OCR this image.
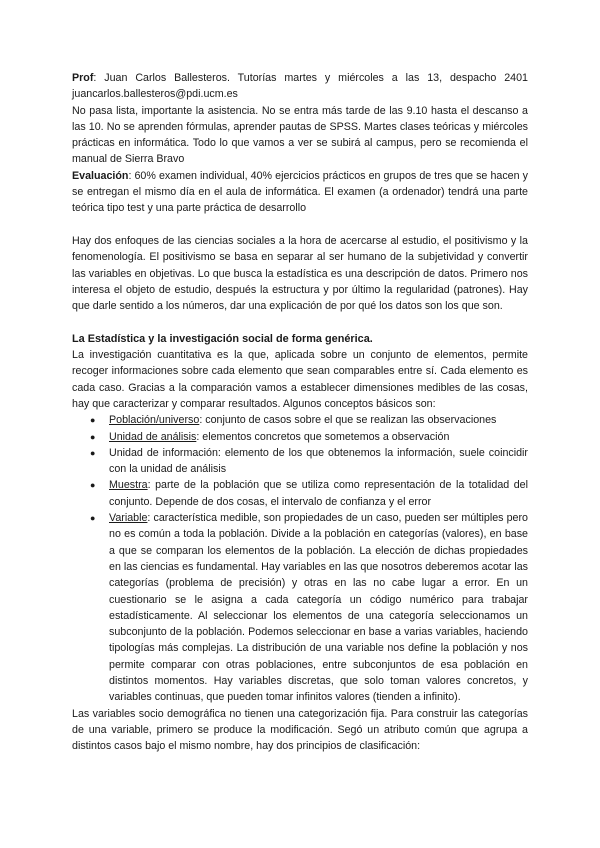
Prof: Juan Carlos Ballesteros. Tutorías martes y miércoles a las 13, despacho 2401 juancarlos.ballesteros@pdi.ucm.es

No pasa lista, importante la asistencia. No se entra más tarde de las 9.10 hasta el descanso a las 10. No se aprenden fórmulas, aprender pautas de SPSS. Martes clases teóricas y miércoles prácticas en informática. Todo lo que vamos a ver se subirá al campus, pero se recomienda el manual de Sierra Bravo

Evaluación: 60% examen individual, 40% ejercicios prácticos en grupos de tres que se hacen y se entregan el mismo día en el aula de informática. El examen (a ordenador) tendrá una parte teórica tipo test y una parte práctica de desarrollo

Hay dos enfoques de las ciencias sociales a la hora de acercarse al estudio, el positivismo y la fenomenología. El positivismo se basa en separar al ser humano de la subjetividad y convertir las variables en objetivas. Lo que busca la estadística es una descripción de datos. Primero nos interesa el objeto de estudio, después la estructura y por último la regularidad (patrones). Hay que darle sentido a los números, dar una explicación de por qué los datos son los que son.

La Estadística y la investigación social de forma genérica.

La investigación cuantitativa es la que, aplicada sobre un conjunto de elementos, permite recoger informaciones sobre cada elemento que sean comparables entre sí. Cada elemento es cada caso. Gracias a la comparación vamos a establecer dimensiones medibles de las cosas, hay que caracterizar y comparar resultados. Algunos conceptos básicos son:

● Población/universo: conjunto de casos sobre el que se realizan las observaciones
● Unidad de análisis: elementos concretos que sometemos a observación
● Unidad de información: elemento de los que obtenemos la información, suele coincidir con la unidad de análisis
● Muestra: parte de la población que se utiliza como representación de la totalidad del conjunto. Depende de dos cosas, el intervalo de confianza y el error
● Variable: característica medible, son propiedades de un caso, pueden ser múltiples pero no es común a toda la población. Divide a la población en categorías (valores), en base a que se comparan los elementos de la población. La elección de dichas propiedades en las ciencias es fundamental. Hay variables en las que nosotros deberemos acotar las categorías (problema de precisión) y otras en las no cabe lugar a error. En un cuestionario se le asigna a cada categoría un código numérico para trabajar estadísticamente. Al seleccionar los elementos de una categoría seleccionamos un subconjunto de la población. Podemos seleccionar en base a varias variables, haciendo tipologías más complejas. La distribución de una variable nos define la población y nos permite comparar con otras poblaciones, entre subconjuntos de esa población en distintos momentos. Hay variables discretas, que solo toman valores concretos, y variables continuas, que pueden tomar infinitos valores (tienden a infinito).

Las variables socio demográfica no tienen una categorización fija. Para construir las categorías de una variable, primero se produce la modificación. Segó un atributo común que agrupa a distintos casos bajo el mismo nombre, hay dos principios de clasificación:
